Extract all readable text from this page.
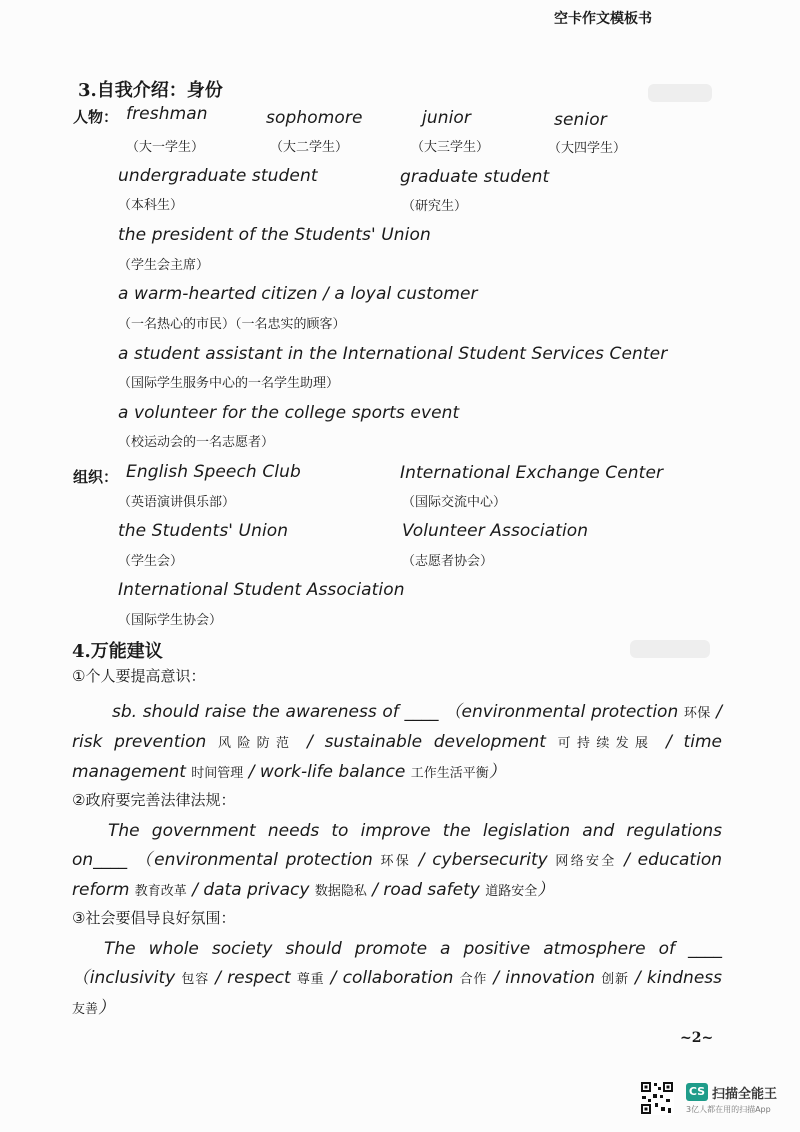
空卡作文模板书
3.自我介绍：身份
人物： freshman
（大一学生）
sophomore
（大二学生）
junior
（大三学生）
senior
（大四学生）
undergraduate student
（本科生）
graduate student
（研究生）
the president of the Students' Union
（学生会主席）
a warm-hearted citizen / a loyal customer
（一名热心的市民）（一名忠实的顾客）
a student assistant in the International Student Services Center
（国际学生服务中心的一名学生助理）
a volunteer for the college sports event
（校运动会的一名志愿者）
组织： English Speech Club
（英语演讲俱乐部）
International Exchange Center
（国际交流中心）
the Students' Union
（学生会）
Volunteer Association
（志愿者协会）
International Student Association
（国际学生协会）
4.万能建议
①个人要提高意识：
sb. should raise the awareness of ____ （environmental protection 环保 / risk prevention 风险防范 / sustainable development 可持续发展 / time management 时间管理 / work-life balance 工作生活平衡）
②政府要完善法律法规：
The government needs to improve the legislation and regulations on____ （environmental protection 环保 / cybersecurity 网络安全 / education reform 教育改革 / data privacy 数据隐私 / road safety 道路安全）
③社会要倡导良好氛围：
The whole society should promote a positive atmosphere of ____ （inclusivity 包容 / respect 尊重 / collaboration 合作 / innovation 创新 / kindness 友善）
~2~
CS 扫描全能王
3亿人都在用的扫描App
